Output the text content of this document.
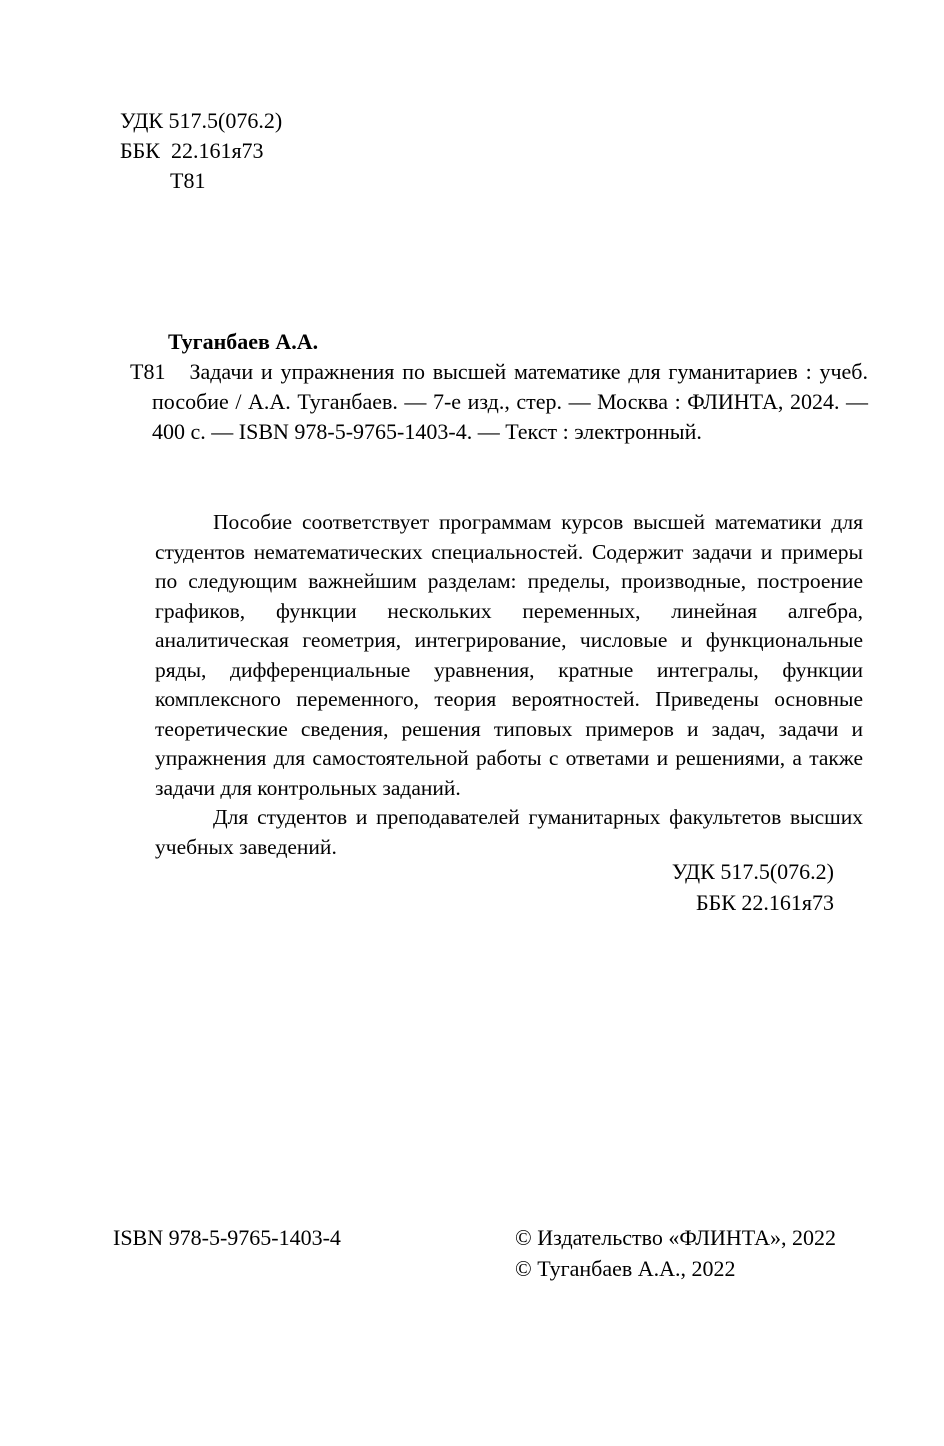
УДК 517.5(076.2)
ББК  22.161я73
Т81
Туганбаев А.А.
Т81 Задачи и упражнения по высшей математике для гуманитариев : учеб. пособие / А.А. Туганбаев. — 7-е изд., стер. — Москва : ФЛИНТА, 2024. — 400 с. — ISBN 978-5-9765-1403-4. — Текст : электронный.

Пособие соответствует программам курсов высшей математики для студентов нематематических специальностей. Содержит задачи и примеры по следующим важнейшим разделам: пределы, производные, построение графиков, функции нескольких переменных, линейная алгебра, аналитическая геометрия, интегрирование, числовые и функциональные ряды, дифференциальные уравнения, кратные интегралы, функции комплексного переменного, теория вероятностей. Приведены основные теоретические сведения, решения типовых примеров и задач, задачи и упражнения для самостоятельной работы с ответами и решениями, а также задачи для контрольных заданий.

Для студентов и преподавателей гуманитарных факультетов высших учебных заведений.

УДК 517.5(076.2)
ББК 22.161я73
ISBN 978-5-9765-1403-4	© Издательство «ФЛИНТА», 2022
© Туганбаев А.А., 2022
